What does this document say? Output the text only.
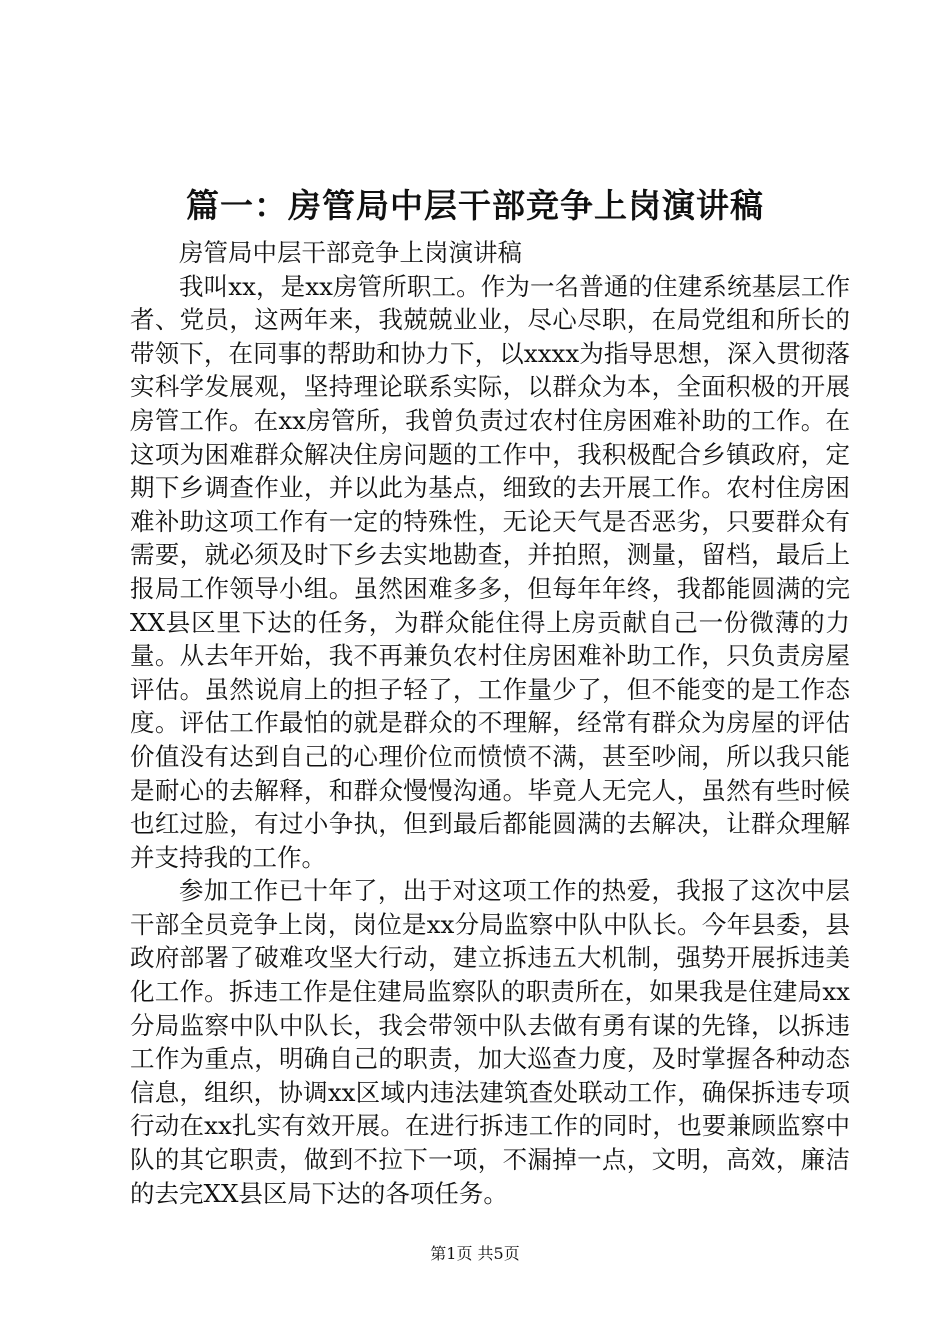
篇一：房管局中层干部竞争上岗演讲稿

房管局中层干部竞争上岗演讲稿

我叫xx，是xx房管所职工。作为一名普通的住建系统基层工作者、党员，这两年来，我兢兢业业，尽心尽职，在局党组和所长的带领下，在同事的帮助和协力下，以xxxx为指导思想，深入贯彻落实科学发展观，坚持理论联系实际，以群众为本，全面积极的开展房管工作。在xx房管所，我曾负责过农村住房困难补助的工作。在这项为困难群众解决住房问题的工作中，我积极配合乡镇政府，定期下乡调查作业，并以此为基点，细致的去开展工作。农村住房困难补助这项工作有一定的特殊性，无论天气是否恶劣，只要群众有需要，就必须及时下乡去实地勘查，并拍照，测量，留档，最后上报局工作领导小组。虽然困难多多，但每年年终，我都能圆满的完XX县区里下达的任务，为群众能住得上房贡献自己一份微薄的力量。从去年开始，我不再兼负农村住房困难补助工作，只负责房屋评估。虽然说肩上的担子轻了，工作量少了，但不能变的是工作态度。评估工作最怕的就是群众的不理解，经常有群众为房屋的评估价值没有达到自己的心理价位而愤愤不满，甚至吵闹，所以我只能是耐心的去解释，和群众慢慢沟通。毕竟人无完人，虽然有些时候也红过脸，有过小争执，但到最后都能圆满的去解决，让群众理解并支持我的工作。

参加工作已十年了，出于对这项工作的热爱，我报了这次中层干部全员竞争上岗，岗位是xx分局监察中队中队长。今年县委，县政府部署了破难攻坚大行动，建立拆违五大机制，强势开展拆违美化工作。拆违工作是住建局监察队的职责所在，如果我是住建局xx分局监察中队中队长，我会带领中队去做有勇有谋的先锋，以拆违工作为重点，明确自己的职责，加大巡查力度，及时掌握各种动态信息，组织，协调xx区域内违法建筑查处联动工作，确保拆违专项行动在xx扎实有效开展。在进行拆违工作的同时，也要兼顾监察中队的其它职责，做到不拉下一项，不漏掉一点，文明，高效，廉洁的去完XX县区局下达的各项任务。

第1页 共5页
